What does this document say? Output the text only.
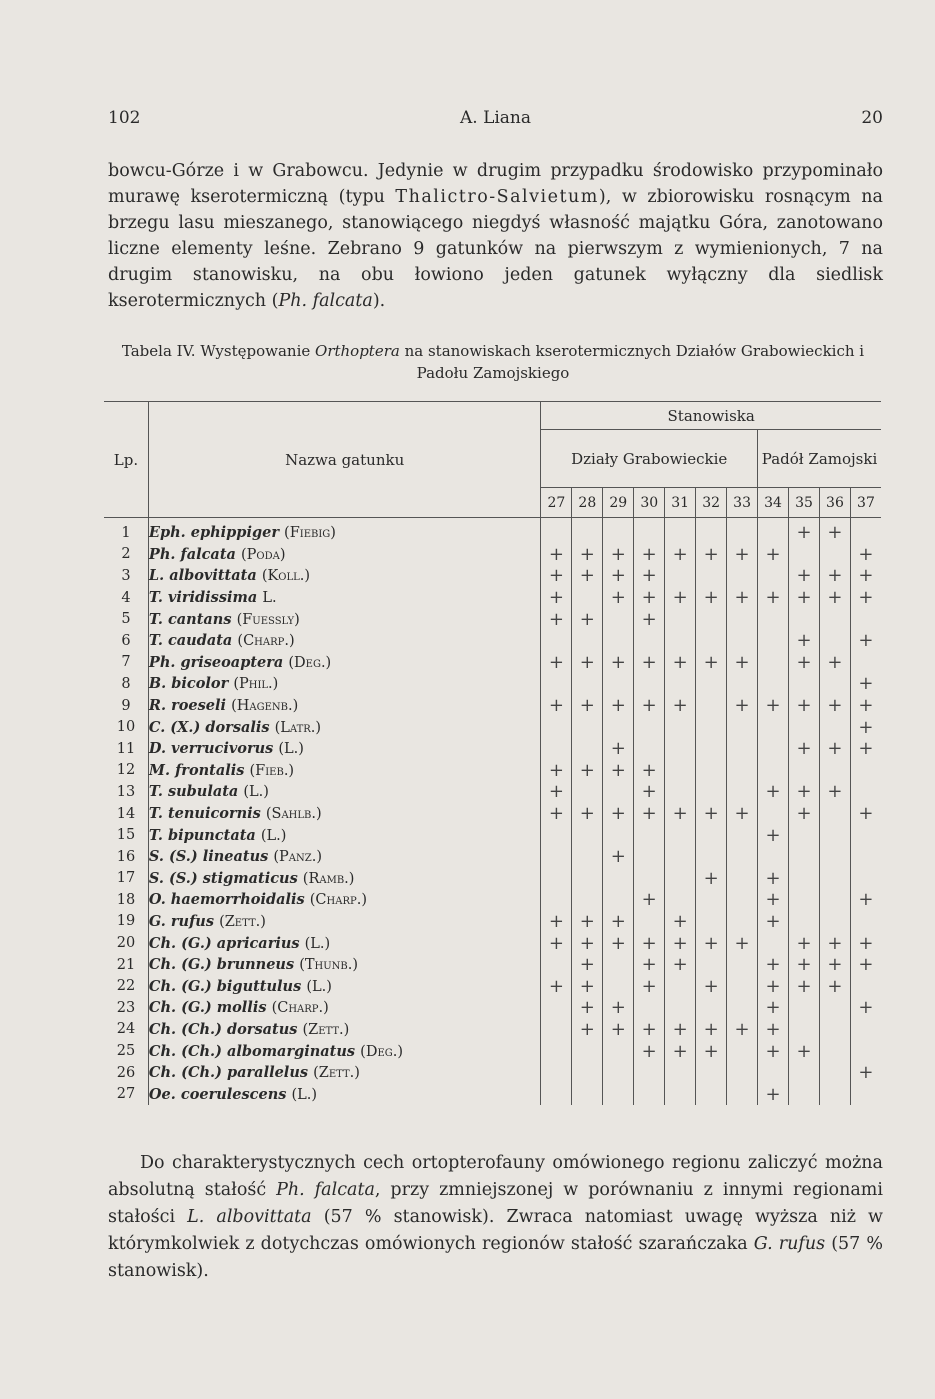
102	A. Liana	20
bowcu-Górze i w Grabowcu. Jedynie w drugim przypadku środowisko przypominało murawę kserotermiczną (typu Thalictro-Salvietum), w zbiorowisku rosnącym na brzegu lasu mieszanego, stanowiącego niegdyś własność majątku Góra, zanotowano liczne elementy leśne. Zebrano 9 gatunków na pierwszym z wymienionych, 7 na drugim stanowisku, na obu łowiono jeden gatunek wyłączny dla siedlisk kserotermicznych (Ph. falcata).
Tabela IV. Występowanie Orthoptera na stanowiskach kserotermicznych Działów Grabowieckich i Padołu Zamojskiego
Lp.	Nazwa gatunku	Stanowiska										
		Działy Grabowieckie							Padół Zamojski			
		27	28	29	30	31	32	33	34	35	36	37
1	Eph. ephippiger (Fiebig)									+	+	
2	Ph. falcata (Poda)	+	+	+	+	+	+	+	+			+
3	L. albovittata (Koll.)	+	+	+	+					+	+	+
4	T. viridissima L.	+		+	+	+	+	+	+	+	+	+
5	T. cantans (Fuessly)	+	+		+							
6	T. caudata (Charp.)									+		+
7	Ph. griseoaptera (Deg.)	+	+	+	+	+	+	+		+	+	
8	B. bicolor (Phil.)											+
9	R. roeseli (Hagenb.)	+	+	+	+	+		+	+	+	+	+
10	C. (X.) dorsalis (Latr.)											+
11	D. verrucivorus (L.)			+						+	+	+
12	M. frontalis (Fieb.)	+	+	+	+							
13	T. subulata (L.)	+			+				+	+	+	
14	T. tenuicornis (Sahlb.)	+	+	+	+	+	+	+		+		+
15	T. bipunctata (L.)								+			
16	S. (S.) lineatus (Panz.)			+								
17	S. (S.) stigmaticus (Ramb.)						+		+			
18	O. haemorrhoidalis (Charp.)				+				+			+
19	G. rufus (Zett.)	+	+	+		+			+			
20	Ch. (G.) apricarius (L.)	+	+	+	+	+	+	+		+	+	+
21	Ch. (G.) brunneus (Thunb.)		+		+	+			+	+	+	+
22	Ch. (G.) biguttulus (L.)	+	+		+		+		+	+	+	
23	Ch. (G.) mollis (Charp.)		+	+					+			+
24	Ch. (Ch.) dorsatus (Zett.)		+	+	+	+	+	+	+			
25	Ch. (Ch.) albomarginatus (Deg.)				+	+	+		+	+		
26	Ch. (Ch.) parallelus (Zett.)											+
27	Oe. coerulescens (L.)								+			
Do charakterystycznych cech ortopterofauny omówionego regionu zaliczyć można absolutną stałość Ph. falcata, przy zmniejszonej w porównaniu z innymi regionami stałości L. albovittata (57 % stanowisk). Zwraca natomiast uwagę wyższa niż w którymkolwiek z dotychczas omówionych regionów stałość szarańczaka G. rufus (57 % stanowisk).
